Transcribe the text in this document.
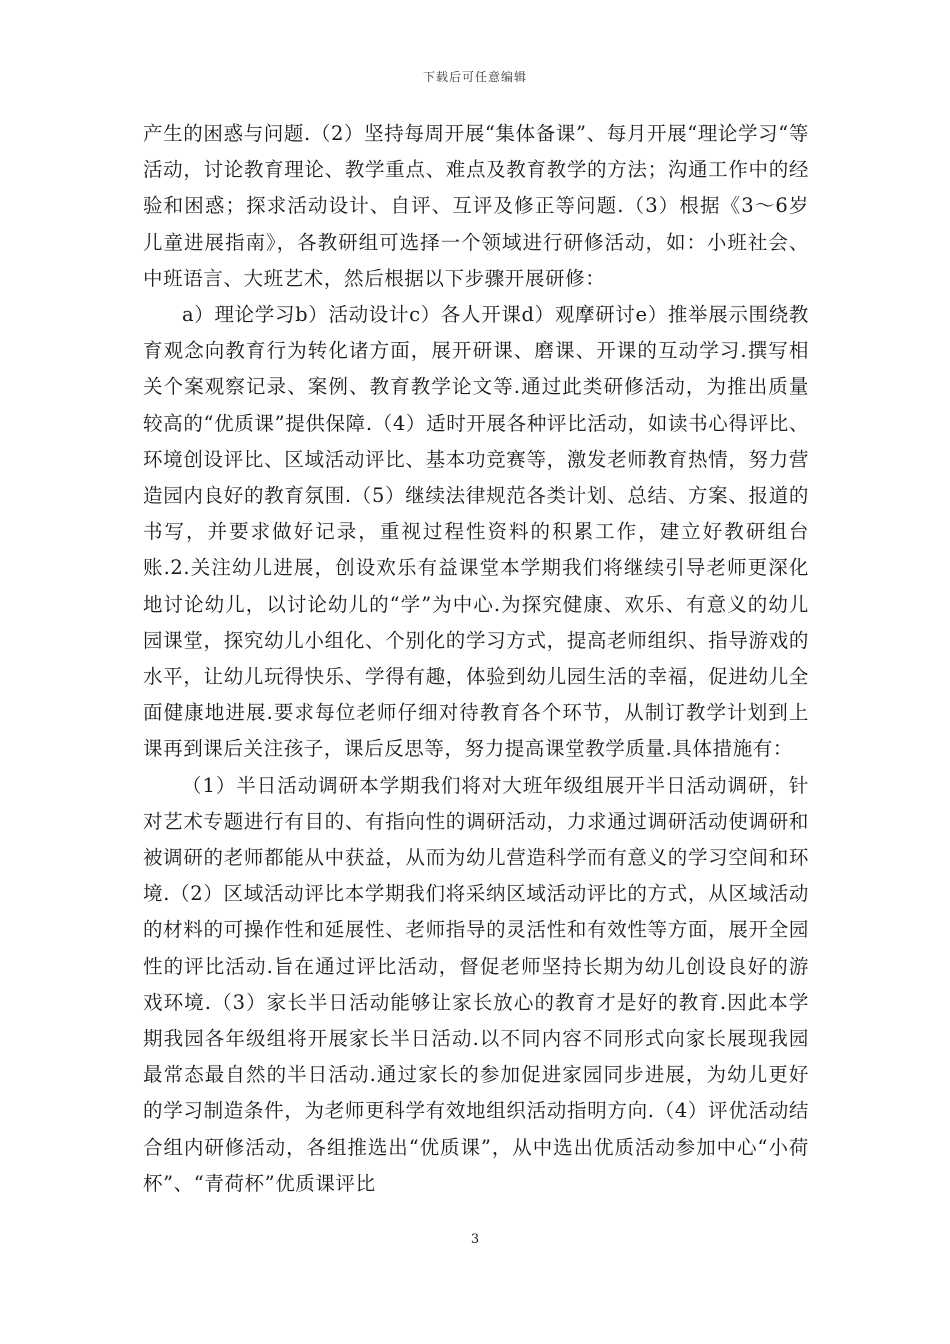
下载后可任意编辑

产生的困惑与问题.（2）坚持每周开展“集体备课”、每月开展“理论学习“等活动，讨论教育理论、教学重点、难点及教育教学的方法；沟通工作中的经验和困惑；探求活动设计、自评、互评及修正等问题.（3）根据《3～6岁儿童进展指南》，各教研组可选择一个领域进行研修活动，如：小班社会、中班语言、大班艺术，然后根据以下步骤开展研修：

a）理论学习b）活动设计c）各人开课d）观摩研讨e）推举展示围绕教育观念向教育行为转化诸方面，展开研课、磨课、开课的互动学习.撰写相关个案观察记录、案例、教育教学论文等.通过此类研修活动，为推出质量较高的“优质课”提供保障.（4）适时开展各种评比活动，如读书心得评比、环境创设评比、区域活动评比、基本功竞赛等，激发老师教育热情，努力营造园内良好的教育氛围.（5）继续法律规范各类计划、总结、方案、报道的书写，并要求做好记录，重视过程性资料的积累工作，建立好教研组台账.2.关注幼儿进展，创设欢乐有益课堂本学期我们将继续引导老师更深化地讨论幼儿，以讨论幼儿的“学”为中心.为探究健康、欢乐、有意义的幼儿园课堂，探究幼儿小组化、个别化的学习方式，提高老师组织、指导游戏的水平，让幼儿玩得快乐、学得有趣，体验到幼儿园生活的幸福，促进幼儿全面健康地进展.要求每位老师仔细对待教育各个环节，从制订教学计划到上课再到课后关注孩子，课后反思等，努力提高课堂教学质量.具体措施有：

（1）半日活动调研本学期我们将对大班年级组展开半日活动调研，针对艺术专题进行有目的、有指向性的调研活动，力求通过调研活动使调研和被调研的老师都能从中获益，从而为幼儿营造科学而有意义的学习空间和环境.（2）区域活动评比本学期我们将采纳区域活动评比的方式，从区域活动的材料的可操作性和延展性、老师指导的灵活性和有效性等方面，展开全园性的评比活动.旨在通过评比活动，督促老师坚持长期为幼儿创设良好的游戏环境.（3）家长半日活动能够让家长放心的教育才是好的教育.因此本学期我园各年级组将开展家长半日活动.以不同内容不同形式向家长展现我园最常态最自然的半日活动.通过家长的参加促进家园同步进展，为幼儿更好的学习制造条件，为老师更科学有效地组织活动指明方向.（4）评优活动结合组内研修活动，各组推选出“优质课”，从中选出优质活动参加中心“小荷杯”、“青荷杯”优质课评比

3
